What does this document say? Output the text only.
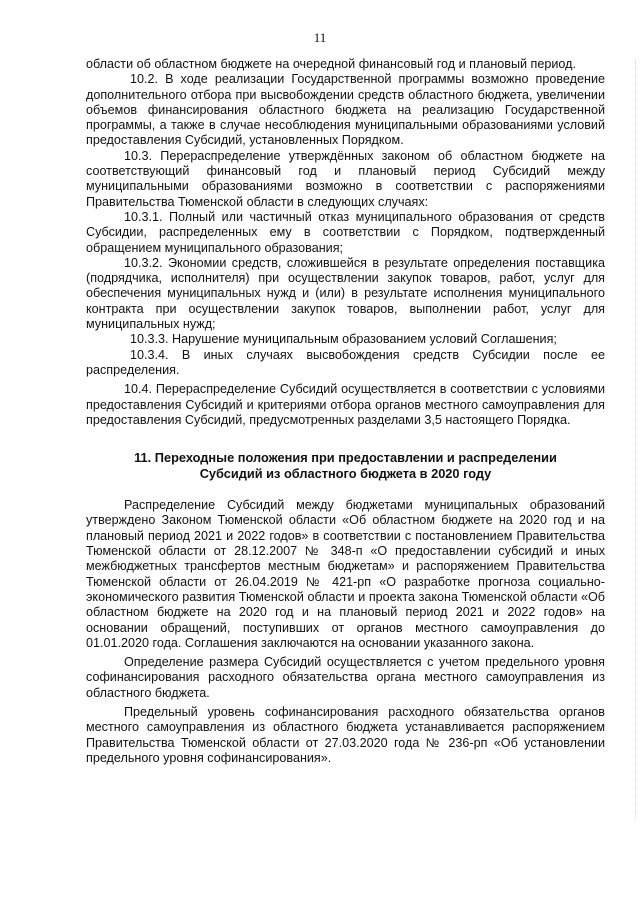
11

области об областном бюджете на очередной финансовый год и плановый период.

10.2. В ходе реализации Государственной программы возможно проведение дополнительного отбора при высвобождении средств областного бюджета, увеличении объемов финансирования областного бюджета на реализацию Государственной программы, а также в случае несоблюдения муниципальными образованиями условий предоставления Субсидий, установленных Порядком.

10.3. Перераспределение утверждённых законом об областном бюджете на соответствующий финансовый год и плановый период Субсидий между муниципальными образованиями возможно в соответствии с распоряжениями Правительства Тюменской области в следующих случаях:

10.3.1. Полный или частичный отказ муниципального образования от средств Субсидии, распределенных ему в соответствии с Порядком, подтвержденный обращением муниципального образования;

10.3.2. Экономии средств, сложившейся в результате определения поставщика (подрядчика, исполнителя) при осуществлении закупок товаров, работ, услуг для обеспечения муниципальных нужд и (или) в результате исполнения муниципального контракта при осуществлении закупок товаров, выполнении работ, услуг для муниципальных нужд;

10.3.3. Нарушение муниципальным образованием условий Соглашения;

10.3.4. В иных случаях высвобождения средств Субсидии после ее распределения.

10.4. Перераспределение Субсидий осуществляется в соответствии с условиями предоставления Субсидий и критериями отбора органов местного самоуправления для предоставления Субсидий, предусмотренных разделами 3,5 настоящего Порядка.

11. Переходные положения при предоставлении и распределении
Субсидий из областного бюджета в 2020 году

Распределение Субсидий между бюджетами муниципальных образований утверждено Законом Тюменской области «Об областном бюджете на 2020 год и на плановый период 2021 и 2022 годов» в соответствии с постановлением Правительства Тюменской области от 28.12.2007 № 348-п «О предоставлении субсидий и иных межбюджетных трансфертов местным бюджетам» и распоряжением Правительства Тюменской области от 26.04.2019 № 421-рп «О разработке прогноза социально-экономического развития Тюменской области и проекта закона Тюменской области «Об областном бюджете на 2020 год и на плановый период 2021 и 2022 годов» на основании обращений, поступивших от органов местного самоуправления до 01.01.2020 года. Соглашения заключаются на основании указанного закона.

Определение размера Субсидий осуществляется с учетом предельного уровня софинансирования расходного обязательства органа местного самоуправления из областного бюджета.

Предельный уровень софинансирования расходного обязательства органов местного самоуправления из областного бюджета устанавливается распоряжением Правительства Тюменской области от 27.03.2020 года № 236-рп «Об установлении предельного уровня софинансирования».
